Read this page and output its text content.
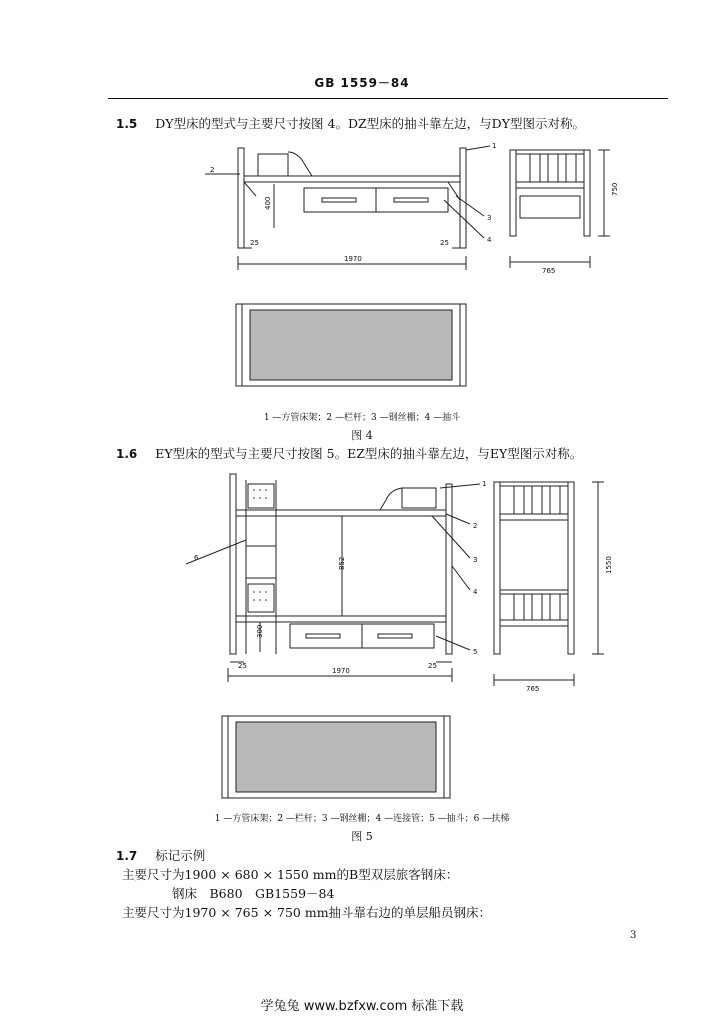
GB 1559－84
1.5 DY型床的型式与主要尺寸按图 4。DZ型床的抽斗靠左边，与DY型图示对称。
400
1970
25	25
765
750
1
2
3
4
1 —方管床架；2 —栏杆；3 —钢丝棚；4 —抽斗
图 4
1.6 EY型床的型式与主要尺寸按图 5。EZ型床的抽斗靠左边，与EY型图示对称。
300
852
1970
25	25
765
1550
1
2
3
4
5
6
1 —方管床架；2 —栏杆；3 —钢丝棚；4 —连接管；5 —抽斗；6 —扶梯
图 5
1.7 标记示例
主要尺寸为1900 × 680 × 1550 mm的B型双层旅客钢床：
钢床　B680　GB1559－84
主要尺寸为1970 × 765 × 750 mm抽斗靠右边的单层船员钢床：
3
学兔兔 www.bzfxw.com 标准下载
